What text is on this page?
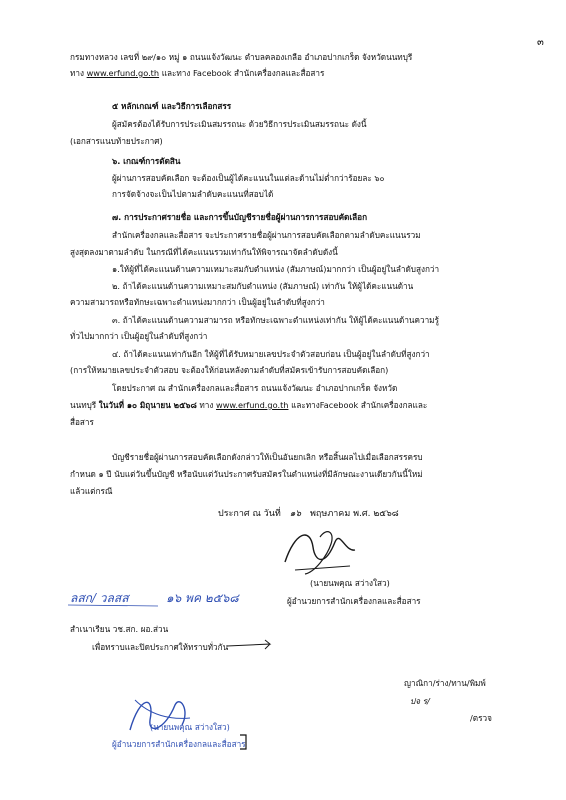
๓
กรมทางหลวง เลขที่ ๒๙/๑๐ หมู่ ๑ ถนนแจ้งวัฒนะ ตำบลคลองเกลือ อำเภอปากเกร็ด จังหวัดนนทบุรี
ทาง www.erfund.go.th และทาง Facebook สำนักเครื่องกลและสื่อสาร
๕ หลักเกณฑ์ และวิธีการเลือกสรร
ผู้สมัครต้องได้รับการประเมินสมรรถนะ ด้วยวิธีการประเมินสมรรถนะ ดังนี้
(เอกสารแนบท้ายประกาศ)
๖. เกณฑ์การตัดสิน
ผู้ผ่านการสอบคัดเลือก จะต้องเป็นผู้ได้คะแนนในแต่ละด้านไม่ต่ำกว่าร้อยละ ๖๐
การจัดจ้างจะเป็นไปตามลำดับคะแนนที่สอบได้
๗. การประกาศรายชื่อ และการขึ้นบัญชีรายชื่อผู้ผ่านการการสอบคัดเลือก
สำนักเครื่องกลและสื่อสาร จะประกาศรายชื่อผู้ผ่านการสอบคัดเลือกตามลำดับคะแนนรวม
สูงสุดลงมาตามลำดับ ในกรณีที่ได้คะแนนรวมเท่ากันให้พิจารณาจัดลำดับดังนี้
๑.ให้ผู้ที่ได้คะแนนด้านความเหมาะสมกับตำแหน่ง (สัมภาษณ์)มากกว่า เป็นผู้อยู่ในลำดับสูงกว่า
๒. ถ้าได้คะแนนด้านความเหมาะสมกับตำแหน่ง (สัมภาษณ์) เท่ากัน ให้ผู้ได้คะแนนด้าน
ความสามารถหรือทักษะเฉพาะตำแหน่งมากกว่า เป็นผู้อยู่ในลำดับที่สูงกว่า
๓. ถ้าได้คะแนนด้านความสามารถ หรือทักษะเฉพาะตำแหน่งเท่ากัน ให้ผู้ได้คะแนนด้านความรู้
ทั่วไปมากกว่า เป็นผู้อยู่ในลำดับที่สูงกว่า
๔. ถ้าได้คะแนนเท่ากันอีก ให้ผู้ที่ได้รับหมายเลขประจำตัวสอบก่อน เป็นผู้อยู่ในลำดับที่สูงกว่า
(การให้หมายเลขประจำตัวสอบ จะต้องให้ก่อนหลังตามลำดับที่สมัครเข้ารับการสอบคัดเลือก)
โดยประกาศ ณ สำนักเครื่องกลและสื่อสาร ถนนแจ้งวัฒนะ อำเภอปากเกร็ด จังหวัด
นนทบุรี ในวันที่ ๑๐ มิถุนายน ๒๕๖๘ ทาง www.erfund.go.th และทางFacebook สำนักเครื่องกลและ
สื่อสาร
บัญชีรายชื่อผู้ผ่านการสอบคัดเลือกดังกล่าวให้เป็นอันยกเลิก หรือสิ้นผลไปเมื่อเลือกสรรครบ
กำหนด ๑ ปี นับแต่วันขึ้นบัญชี หรือนับแต่วันประกาศรับสมัครในตำแหน่งที่มีลักษณะงานเดียวกันนี้ใหม่
แล้วแต่กรณี
ประกาศ ณ วันที่ ๑๖ พฤษภาคม พ.ศ. ๒๕๖๘
(นายนพคุณ สว่างใสว)
ผู้อำนวยการสำนักเครื่องกลและสื่อสาร
ลสก/ วลสส	๑๖ พค ๒๕๖๘
สำเนาเรียน วช.สก. ผอ.ส่วน
เพื่อทราบและปิดประกาศให้ทราบทั่วกัน
ญาณิกา/ร่าง/ทาน/พิมพ์
ปจ ร/
/ตรวจ
(นายนพคุณ สว่างใสว)
ผู้อำนวยการสำนักเครื่องกลและสื่อสาร
